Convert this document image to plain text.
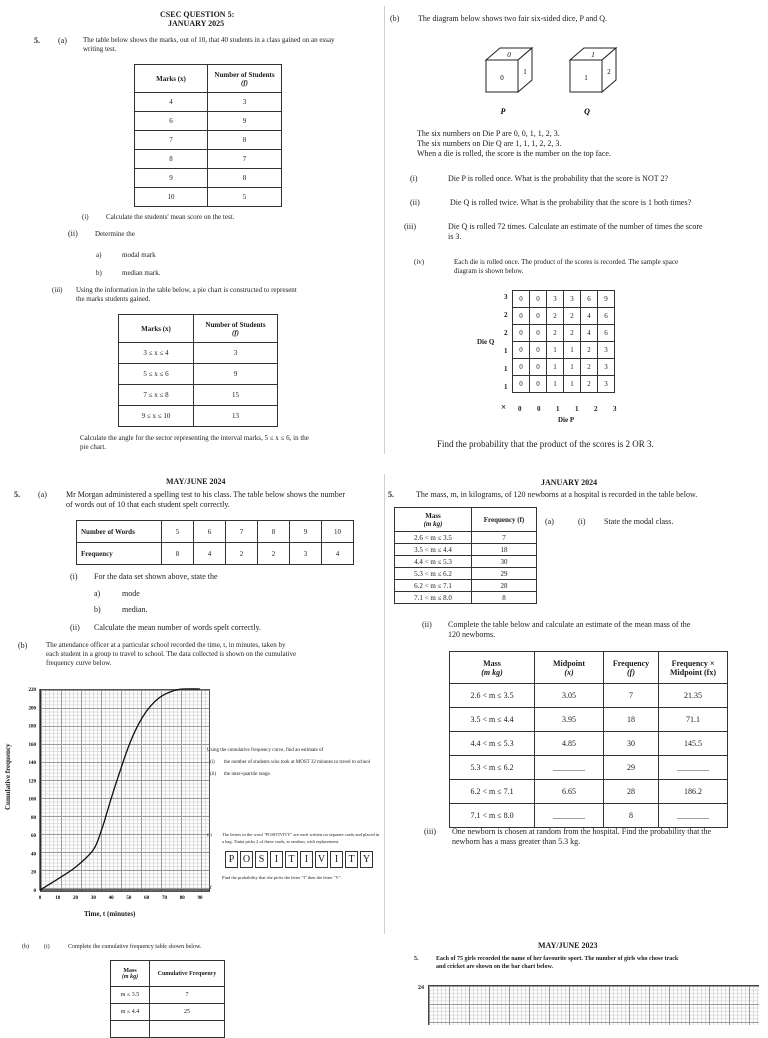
CSEC QUESTION 5:
JANUARY 2025
5. (a) The table below shows the marks, out of 10, that 40 students in a class gained on an essay
writing test.
Marks (x)	Number of Students
(f)
4	3
6	9
7	8
8	7
9	8
10	5
(i) Calculate the students' mean score on the test.
(ii) Determine the
a)	modal mark
b)	median mark.
(iii) Using the information in the table below, a pie chart is constructed to represent
the marks students gained.
Marks (x)	Number of Students
(f)
3 ≤ x ≤ 4	3
5 ≤ x ≤ 6	9
7 ≤ x ≤ 8	15
9 ≤ x ≤ 10	13
Calculate the angle for the sector representing the interval marks, 5 ≤ x ≤ 6, in the
pie chart.
(b) The diagram below shows two fair six-sided dice, P and Q.
0
0
1
P
1
1
2
Q
The six numbers on Die P are 0, 0, 1, 1, 2, 3.
The six numbers on Die Q are 1, 1, 1, 2, 2, 3.
When a die is rolled, the score is the number on the top face.
(i)	Die P is rolled once. What is the probability that the score is NOT 2?
(ii)	Die Q is rolled twice. What is the probability that the score is 1 both times?
(iii)	Die Q is rolled 72 times. Calculate an estimate of the number of times the score
is 3.
(iv)	Each die is rolled once. The product of the scores is recorded. The sample space
diagram is shown below.
0	0	3	3	6	9
0	0	2	2	4	6
0	0	2	2	4	6
0	0	1	1	2	3
0	0	1	1	2	3
0	0	1	1	2	3
3
2
2
1
1
1
Die Q
× 0 0 1 1 2 3
Die P
Find the probability that the product of the scores is 2 OR 3.
MAY/JUNE 2024
5. (a) Mr Morgan administered a spelling test to his class. The table below shows the number
of words out of 10 that each student spelt correctly.
Number of Words	5	6	7	8	9	10
Frequency	8	4	2	2	3	4
(i) For the data set shown above, state the
a)	mode
b)	median.
(ii) Calculate the mean number of words spelt correctly.
(b)	The attendance officer at a particular school recorded the time, t, in minutes, taken by
each student in a group to travel to school. The data collected is shown on the cumulative
frequency curve below.
0
20
40
60
80
100
120
140
160
180
200
220
0	10	20	30	40	50	60	70	80	90
t
Cumulative frequency
Time, t (minutes)
Using the cumulative frequency curve, find an estimate of
(i) the number of students who took at MOST 32 minutes to travel to school
(ii) the inter-quartile range.
(c) The letters in the word "POSITIVITY" are each written on separate cards and placed in
a bag. Tinita picks 2 of these cards, at random, with replacement.
P O S I T I V I T Y
Find the probability that she picks the letter "I" then the letter "V".
JANUARY 2024
5.	The mass, m, in kilograms, of 120 newborns at a hospital is recorded in the table below.
Mass
(m kg)	Frequency (f)
2.6 < m ≤ 3.5	7
3.5 < m ≤ 4.4	18
4.4 < m ≤ 5.3	30
5.3 < m ≤ 6.2	29
6.2 < m ≤ 7.1	28
7.1 < m ≤ 8.0	8
(a)	(i) State the modal class.
(ii) Complete the table below and calculate an estimate of the mean mass of the
120 newborns.
Mass
(m kg)	Midpoint
(x)	Frequency
(f)	Frequency ×
Midpoint (fx)
2.6 < m ≤ 3.5	3.05	7	21.35
3.5 < m ≤ 4.4	3.95	18	71.1
4.4 < m ≤ 5.3	4.85	30	145.5
5.3 < m ≤ 6.2	________	29	________
6.2 < m ≤ 7.1	6.65	28	186.2
7.1 < m ≤ 8.0	________	8	________
(iii) One newborn is chosen at random from the hospital. Find the probability that the
newborn has a mass greater than 5.3 kg.
(b)	(i)	Complete the cumulative frequency table shown below.
Mass
(m kg)	Cumulative Frequency
m ≤ 3.5	7
m ≤ 4.4	25

MAY/JUNE 2023
5.	Each of 75 girls recorded the name of her favourite sport. The number of girls who chose track
and cricket are shown on the bar chart below.
24
